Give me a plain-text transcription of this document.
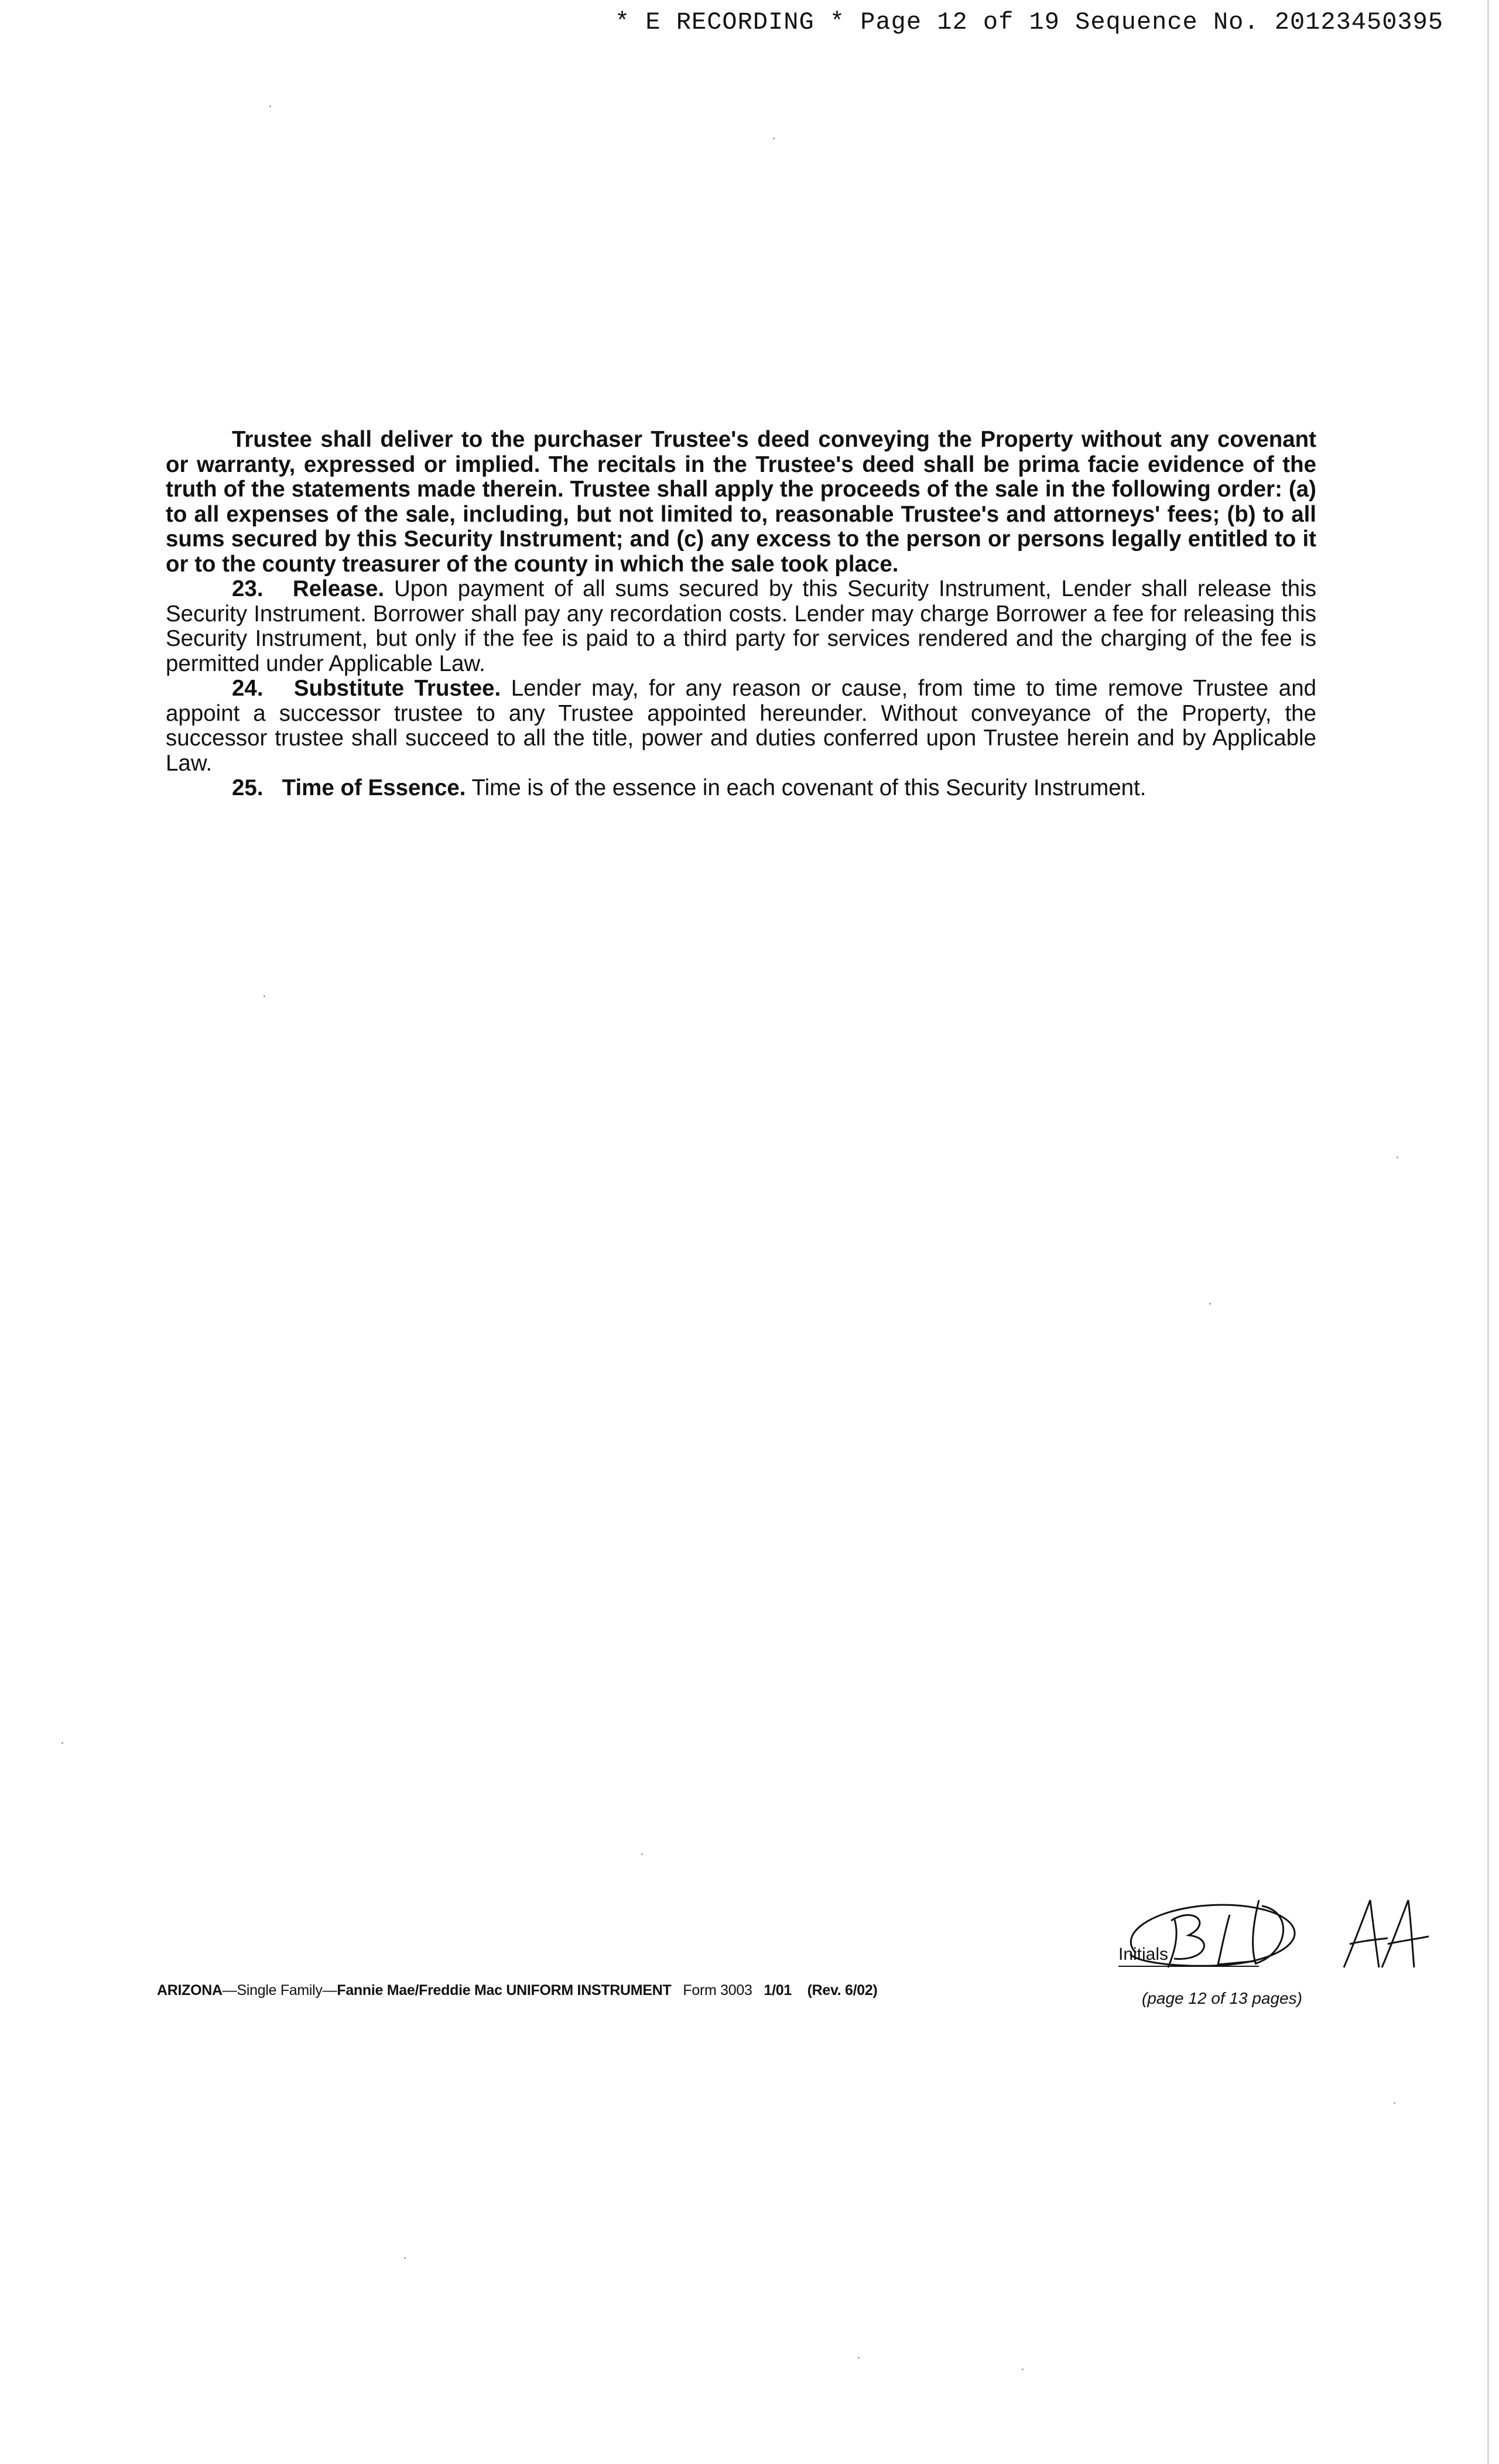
* E RECORDING * Page 12 of 19 Sequence No. 20123450395

Trustee shall deliver to the purchaser Trustee's deed conveying the Property without any covenant or warranty, expressed or implied. The recitals in the Trustee's deed shall be prima facie evidence of the truth of the statements made therein. Trustee shall apply the proceeds of the sale in the following order: (a) to all expenses of the sale, including, but not limited to, reasonable Trustee's and attorneys' fees; (b) to all sums secured by this Security Instrument; and (c) any excess to the person or persons legally entitled to it or to the county treasurer of the county in which the sale took place.

23. Release. Upon payment of all sums secured by this Security Instrument, Lender shall release this Security Instrument. Borrower shall pay any recordation costs. Lender may charge Borrower a fee for releasing this Security Instrument, but only if the fee is paid to a third party for services rendered and the charging of the fee is permitted under Applicable Law.

24. Substitute Trustee. Lender may, for any reason or cause, from time to time remove Trustee and appoint a successor trustee to any Trustee appointed hereunder. Without conveyance of the Property, the successor trustee shall succeed to all the title, power and duties conferred upon Trustee herein and by Applicable Law.

25. Time of Essence. Time is of the essence in each covenant of this Security Instrument.

Initials
ARIZONA—Single Family—Fannie Mae/Freddie Mac UNIFORM INSTRUMENT Form 3003 1/01 (Rev. 6/02)	(page 12 of 13 pages)
